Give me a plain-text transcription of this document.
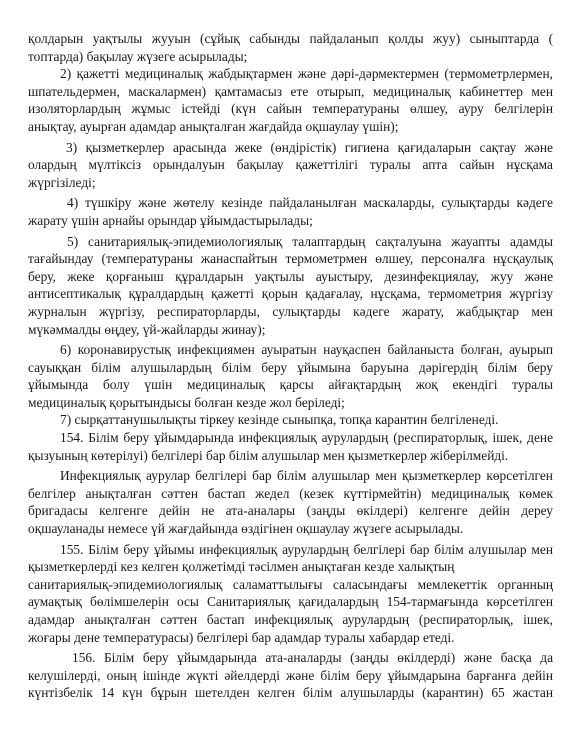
қолдарын уақтылы жууын (сұйық сабынды пайдаланып қолды жуу) сыныптарда (
топтарда) бақылау жүзеге асырылады;
2) қажетті медициналық жабдықтармен және дәрі-дәрмектермен (термометрлермен,
шпательдермен, маскалармен) қамтамасыз ете отырып, медициналық кабинеттер мен
изоляторлардың жұмыс істейді (күн сайын температураны өлшеу, ауру белгілерін
анықтау, ауырған адамдар анықталған жағдайда оқшаулау үшін);
3) қызметкерлер арасында жеке (өндірістік) гигиена қағидаларын сақтау және
олардың мүлтіксіз орындалуын бақылау қажеттілігі туралы апта сайын нұсқама
жүргізіледі;
4) түшкіру және жөтелу кезінде пайдаланылған маскаларды, сулықтарды кәдеге
жарату үшін арнайы орындар ұйымдастырылады;
5) санитариялық-эпидемиологиялық талаптардың сақталуына жауапты адамды
тағайындау (температураны жанаспайтын термометрмен өлшеу, персоналға нұсқаулық
беру, жеке қорғаныш құралдарын уақтылы ауыстыру, дезинфекциялау, жуу және
антисептикалық құралдардың қажетті қорын қадағалау, нұсқама, термометрия жүргізу
журналын жүргізу, респираторларды, сулықтарды кәдеге жарату, жабдықтар мен
мүкәммалды өңдеу, үй-жайларды жинау);
6) коронавирустық инфекциямен ауыратын науқаспен байланыста болған, ауырып
сауыққан білім алушылардың білім беру ұйымына баруына дәрігердің білім беру
ұйымында болу үшін медициналық қарсы айғақтардың жоқ екендігі туралы
медициналық қорытындысы болған кезде жол беріледі;
7) сырқаттанушылықты тіркеу кезінде сыныпқа, топқа карантин белгіленеді.
154. Білім беру ұйымдарында инфекциялық аурулардың (респираторлық, ішек, дене
қызуының көтерілуі) белгілері бар білім алушылар мен қызметкерлер жіберілмейді.
Инфекциялық аурулар белгілері бар білім алушылар мен қызметкерлер көрсетілген
белгілер анықталған сәттен бастап жедел (кезек күттірмейтін) медициналық көмек
бригадасы келгенге дейін не ата-аналары (заңды өкілдері) келгенге дейін дереу
оқшауланады немесе үй жағдайында өздігінен оқшаулау жүзеге асырылады.
155. Білім беру ұйымы инфекциялық аурулардың белгілері бар білім алушылар мен
қызметкерлерді кез келген қолжетімді тәсілмен анықтаған кезде халықтың
санитариялық-эпидемиологиялық саламаттылығы саласындағы мемлекеттік органның
аумақтық бөлімшелерін осы Санитариялық қағидалардың 154-тармағында көрсетілген
адамдар анықталған сәттен бастап инфекциялық аурулардың (респираторлық, ішек,
жоғары дене температурасы) белгілері бар адамдар туралы хабардар етеді.
156. Білім беру ұйымдарында ата-аналарды (заңды өкілдерді) және басқа да
келушілерді, оның ішінде жүкті әйелдерді және білім беру ұйымдарына барғанға дейін
күнтізбелік 14 күн бұрын шетелден келген білім алушыларды (карантин) 65 жастан
